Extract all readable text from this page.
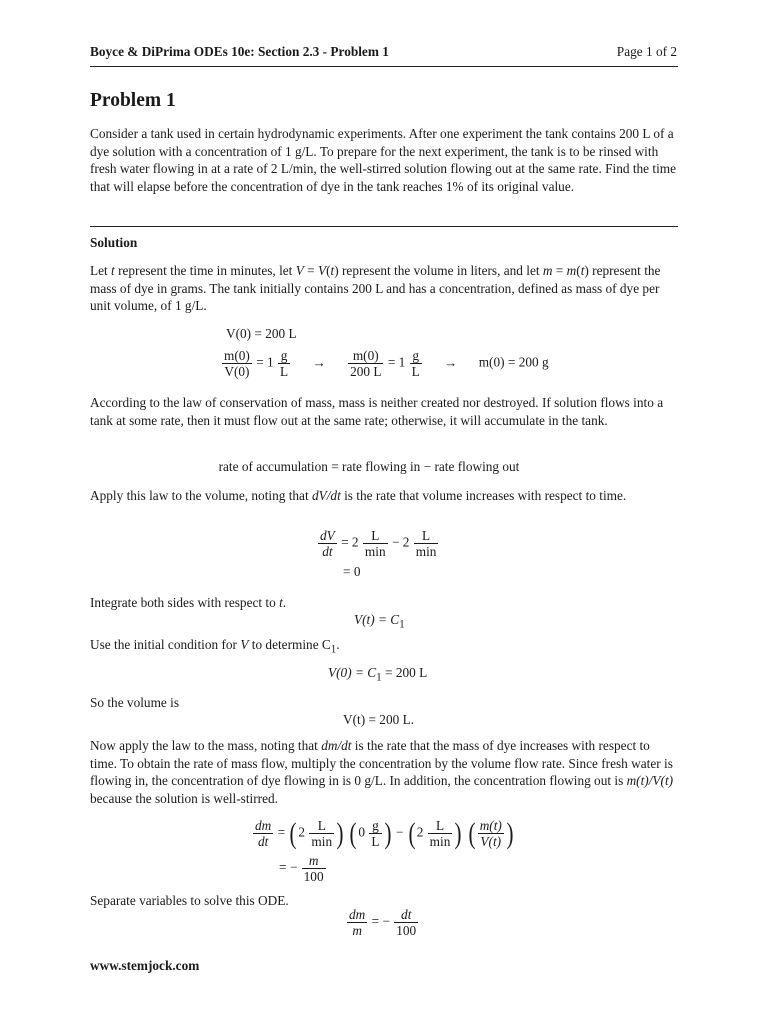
Boyce & DiPrima ODEs 10e: Section 2.3 - Problem 1	Page 1 of 2
Problem 1
Consider a tank used in certain hydrodynamic experiments. After one experiment the tank contains 200 L of a dye solution with a concentration of 1 g/L. To prepare for the next experiment, the tank is to be rinsed with fresh water flowing in at a rate of 2 L/min, the well-stirred solution flowing out at the same rate. Find the time that will elapse before the concentration of dye in the tank reaches 1% of its original value.
Solution
Let t represent the time in minutes, let V = V(t) represent the volume in liters, and let m = m(t) represent the mass of dye in grams. The tank initially contains 200 L and has a concentration, defined as mass of dye per unit volume, of 1 g/L.
V(0) = 200 L
$\frac{m(0)}{V(0)} = 1 \frac{g}{L} \to \frac{m(0)}{200 L} = 1 \frac{g}{L} \to m(0) = 200$ g
According to the law of conservation of mass, mass is neither created nor destroyed. If solution flows into a tank at some rate, then it must flow out at the same rate; otherwise, it will accumulate in the tank.
rate of accumulation = rate flowing in − rate flowing out
Apply this law to the volume, noting that dV/dt is the rate that volume increases with respect to time.
$\frac{dV}{dt} = 2$ L
min
− 2 L
min
= 0
Integrate both sides with respect to t.
$V(t) = C_1$
Use the initial condition for V to determine $C_1$.
$V(0) = C_1 = 200$ L
So the volume is
V(t) = 200 L.
Now apply the law to the mass, noting that dm/dt is the rate that the mass of dye increases with respect to time. To obtain the rate of mass flow, multiply the concentration by the volume flow rate. Since fresh water is flowing in, the concentration of dye flowing in is 0 g/L. In addition, the concentration flowing out is m(t)/V(t) because the solution is well-stirred.
$\frac{dm}{dt}$ = ( 2 L
min ) ( $0 \frac{g}{L}$ ) − ( 2 L
min ) ( $\frac{m(t)}{V(t)}$ )
= − $\frac{m}{100}$
Separate variables to solve this ODE.
$\frac{dm}{m}$ = − $\frac{dt}{100}$
www.stemjock.com
